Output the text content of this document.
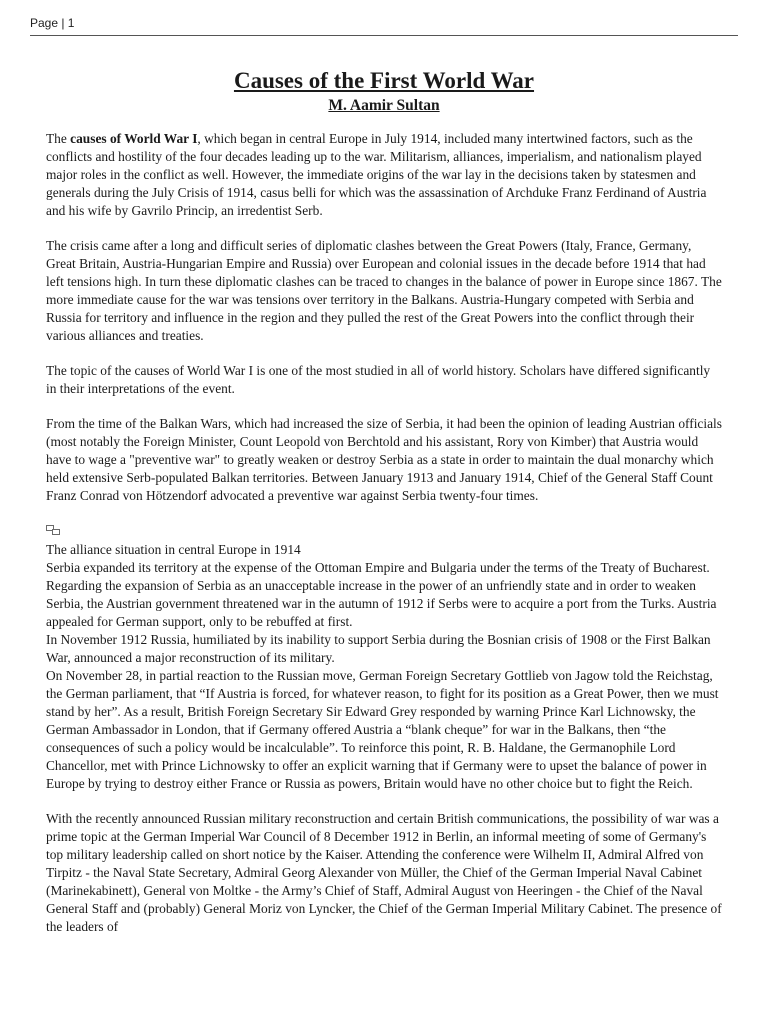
Page | 1
Causes of the First World War
M. Aamir Sultan

The causes of World War I, which began in central Europe in July 1914, included many intertwined factors, such as the conflicts and hostility of the four decades leading up to the war. Militarism, alliances, imperialism, and nationalism played major roles in the conflict as well. However, the immediate origins of the war lay in the decisions taken by statesmen and generals during the July Crisis of 1914, casus belli for which was the assassination of Archduke Franz Ferdinand of Austria and his wife by Gavrilo Princip, an irredentist Serb.

The crisis came after a long and difficult series of diplomatic clashes between the Great Powers (Italy, France, Germany, Great Britain, Austria-Hungarian Empire and Russia) over European and colonial issues in the decade before 1914 that had left tensions high. In turn these diplomatic clashes can be traced to changes in the balance of power in Europe since 1867. The more immediate cause for the war was tensions over territory in the Balkans. Austria-Hungary competed with Serbia and Russia for territory and influence in the region and they pulled the rest of the Great Powers into the conflict through their various alliances and treaties.

The topic of the causes of World War I is one of the most studied in all of world history. Scholars have differed significantly in their interpretations of the event.

From the time of the Balkan Wars, which had increased the size of Serbia, it had been the opinion of leading Austrian officials (most notably the Foreign Minister, Count Leopold von Berchtold and his assistant, Rory von Kimber) that Austria would have to wage a "preventive war" to greatly weaken or destroy Serbia as a state in order to maintain the dual monarchy which held extensive Serb-populated Balkan territories. Between January 1913 and January 1914, Chief of the General Staff Count Franz Conrad von Hötzendorf advocated a preventive war against Serbia twenty-four times.

The alliance situation in central Europe in 1914

Serbia expanded its territory at the expense of the Ottoman Empire and Bulgaria under the terms of the Treaty of Bucharest. Regarding the expansion of Serbia as an unacceptable increase in the power of an unfriendly state and in order to weaken Serbia, the Austrian government threatened war in the autumn of 1912 if Serbs were to acquire a port from the Turks. Austria appealed for German support, only to be rebuffed at first.

In November 1912 Russia, humiliated by its inability to support Serbia during the Bosnian crisis of 1908 or the First Balkan War, announced a major reconstruction of its military.

On November 28, in partial reaction to the Russian move, German Foreign Secretary Gottlieb von Jagow told the Reichstag, the German parliament, that “If Austria is forced, for whatever reason, to fight for its position as a Great Power, then we must stand by her”. As a result, British Foreign Secretary Sir Edward Grey responded by warning Prince Karl Lichnowsky, the German Ambassador in London, that if Germany offered Austria a “blank cheque” for war in the Balkans, then “the consequences of such a policy would be incalculable”. To reinforce this point, R. B. Haldane, the Germanophile Lord Chancellor, met with Prince Lichnowsky to offer an explicit warning that if Germany were to upset the balance of power in Europe by trying to destroy either France or Russia as powers, Britain would have no other choice but to fight the Reich.

With the recently announced Russian military reconstruction and certain British communications, the possibility of war was a prime topic at the German Imperial War Council of 8 December 1912 in Berlin, an informal meeting of some of Germany's top military leadership called on short notice by the Kaiser. Attending the conference were Wilhelm II, Admiral Alfred von Tirpitz - the Naval State Secretary, Admiral Georg Alexander von Müller, the Chief of the German Imperial Naval Cabinet (Marinekabinett), General von Moltke - the Army’s Chief of Staff, Admiral August von Heeringen - the Chief of the Naval General Staff and (probably) General Moriz von Lyncker, the Chief of the German Imperial Military Cabinet. The presence of the leaders of
